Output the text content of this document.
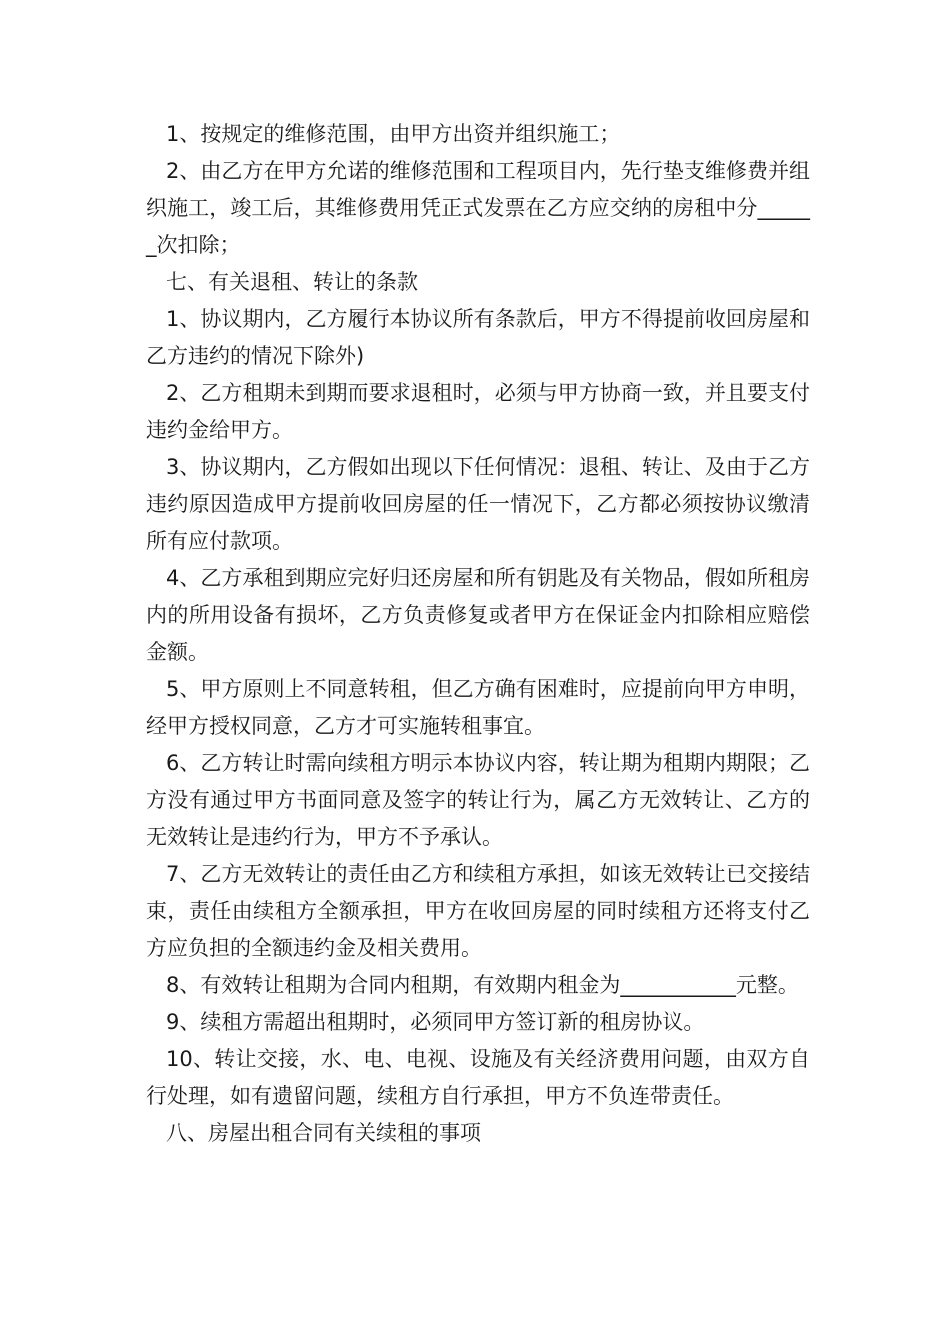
1、按规定的维修范围，由甲方出资并组织施工；

2、由乙方在甲方允诺的维修范围和工程项目内，先行垫支维修费并组织施工，竣工后，其维修费用凭正式发票在乙方应交纳的房租中分______次扣除；

七、有关退租、转让的条款

1、协议期内，乙方履行本协议所有条款后，甲方不得提前收回房屋和乙方违约的情况下除外)

2、乙方租期未到期而要求退租时，必须与甲方协商一致，并且要支付违约金给甲方。

3、协议期内，乙方假如出现以下任何情况：退租、转让、及由于乙方违约原因造成甲方提前收回房屋的任一情况下，乙方都必须按协议缴清所有应付款项。

4、乙方承租到期应完好归还房屋和所有钥匙及有关物品，假如所租房内的所用设备有损坏，乙方负责修复或者甲方在保证金内扣除相应赔偿金额。

5、甲方原则上不同意转租，但乙方确有困难时，应提前向甲方申明，经甲方授权同意，乙方才可实施转租事宜。

6、乙方转让时需向续租方明示本协议内容，转让期为租期内期限；乙方没有通过甲方书面同意及签字的转让行为，属乙方无效转让、乙方的无效转让是违约行为，甲方不予承认。

7、乙方无效转让的责任由乙方和续租方承担，如该无效转让已交接结束，责任由续租方全额承担，甲方在收回房屋的同时续租方还将支付乙方应负担的全额违约金及相关费用。

8、有效转让租期为合同内租期，有效期内租金为___________元整。

9、续租方需超出租期时，必须同甲方签订新的租房协议。

10、转让交接，水、电、电视、设施及有关经济费用问题，由双方自行处理，如有遗留问题，续租方自行承担，甲方不负连带责任。

八、房屋出租合同有关续租的事项
